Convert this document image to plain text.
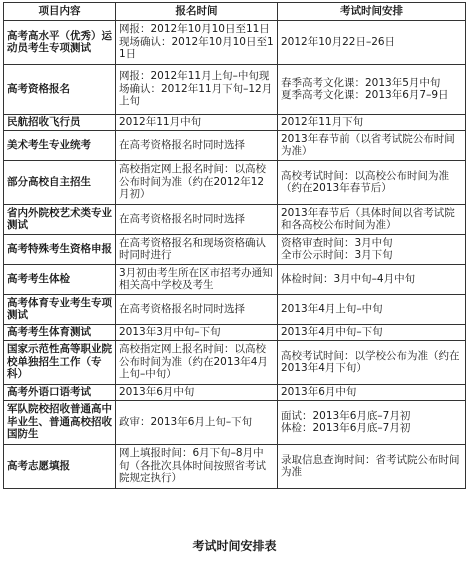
项目内容	报名时间	考试时间安排

高考高水平（优秀）运动员考生专项测试	网报：2012年10月10日至11日现场确认：2012年10月10日至11日	2012年10月22日–26日

高考资格报名	网报：2012年11月上旬–中旬现场确认：2012年11月下旬–12月上旬	春季高考文化课：2013年5月中旬
夏季高考文化课：2013年6月7–9日

民航招收飞行员	2012年11月中旬	2012年11月下旬

美术考生专业统考	在高考资格报名时同时选择	2013年春节前（以省考试院公布时间为准）

部分高校自主招生	高校指定网上报名时间：以高校公布时间为准（约在2012年12月初）	高校考试时间：以高校公布时间为准（约在2013年春节后）

省内外院校艺术类专业测试	在高考资格报名时同时选择	2013年春节后（具体时间以省考试院和各高校公布时间为准）

高考特殊考生资格申报	在高考资格报名和现场资格确认时同时进行	资格审查时间：3月中旬
全市公示时间：3月下旬

高考考生体检	3月初由考生所在区市招考办通知相关高中学校及考生	体检时间：3月中旬–4月中旬

高考体育专业考生专项测试	在高考资格报名时同时选择	2013年4月上旬–中旬

高考考生体育测试	2013年3月中旬–下旬	2013年4月中旬–下旬

国家示范性高等职业院校单独招生工作（专科）	高校指定网上报名时间：以高校公布时间为准（约在2013年4月上旬–中旬）	高校考试时间：以学校公布为准（约在2013年4月下旬）

高考外语口语考试	2013年6月中旬	2013年6月中旬

军队院校招收普通高中毕业生、普通高校招收国防生	政审：2013年6月上旬–下旬	面试：2013年6月底–7月初
体检：2013年6月底–7月初

高考志愿填报	网上填报时间：6月下旬–8月中旬（各批次具体时间按照省考试院规定执行）	录取信息查询时间：省考试院公布时间为准
考试时间安排表
